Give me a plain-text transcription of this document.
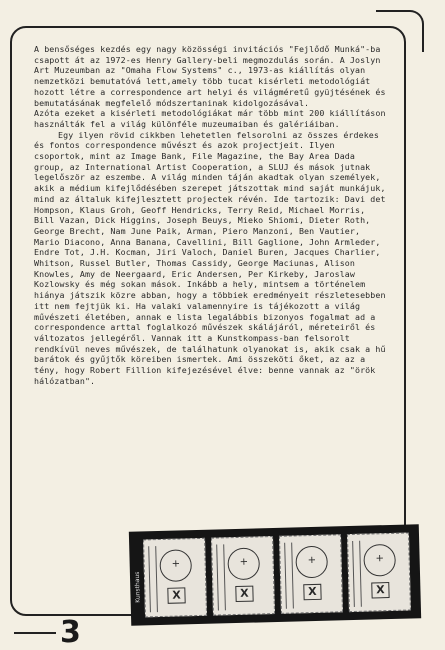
A bensőséges kezdés egy nagy közösségi invitációs "Fejlődő Munká"-ba csapott át az 1972-es Henry Gallery-beli megmozdulás során. A Joslyn Art Muzeumban az "Omaha Flow Systems" c., 1973-as kiállítás olyan nemzetközi bemutatóvá lett,amely több tucat kisérleti metodológiát hozott létre a correspondence art helyi és világméretű gyüjtésének és bemutatásának megfelelő módszertaninak kidolgozásával.

Azóta ezeket a kisérleti metodológiákat már több mint 200 kiállításon használták fel a világ különféle muzeumaiban és galériáiban.

Egy ilyen rövid cikkben lehetetlen felsorolni az összes érdekes és fontos correspondence művészt és azok projectjeit. Ilyen csoportok, mint az Image Bank, File Magazine, the Bay Area Dada group, az International Artist Cooperation, a SLUJ és mások jutnak legelőször az eszembe. A világ minden táján akadtak olyan személyek, akik a médium kifejlődésében szerepet játszottak mind saját munkájuk, mind az általuk kifejlesztett projectek révén. Ide tartozik: Davi det Hompson, Klaus Groh, Geoff Hendricks, Terry Reid, Michael Morris, Bill Vazan, Dick Higgins, Joseph Beuys, Mieko Shiomi, Dieter Roth, George Brecht, Nam June Paik, Arman, Piero Manzoni, Ben Vautier, Mario Diacono, Anna Banana, Cavellini, Bill Gaglione, John Armleder, Endre Tot, J.H. Kocman, Jiri Valoch, Daniel Buren, Jacques Charlier, Whitson, Russel Butler, Thomas Cassidy, George Maciunas, Alison Knowles, Amy de Neergaard, Eric Andersen, Per Kirkeby, Jaroslaw Kozlowsky és még sokan mások. Inkább a hely, mintsem a történelem hiánya játszik közre abban, hogy a többiek eredményeit részletesebben itt nem fejtjük ki. Ha valaki valamennyire is tájékozott a világ művészeti életében, annak e lista legalábbis bizonyos fogalmat ad a correspondence arttal foglalkozó művészek skálájáról, méreteiről és változatos jellegéről. Vannak itt a Kunstkompass-ban felsorolt rendkívül neves művészek, de találhatunk olyanokat is, akik csak a hű barátok és gyűjtők köreiben ismertek. Ami összeköti őket, az az a tény, hogy Robert Fillion kifejezésével élve: benne vannak az "örök hálózatban".

3
Kunsthaus
+
X
+
X
+
X
+
X
